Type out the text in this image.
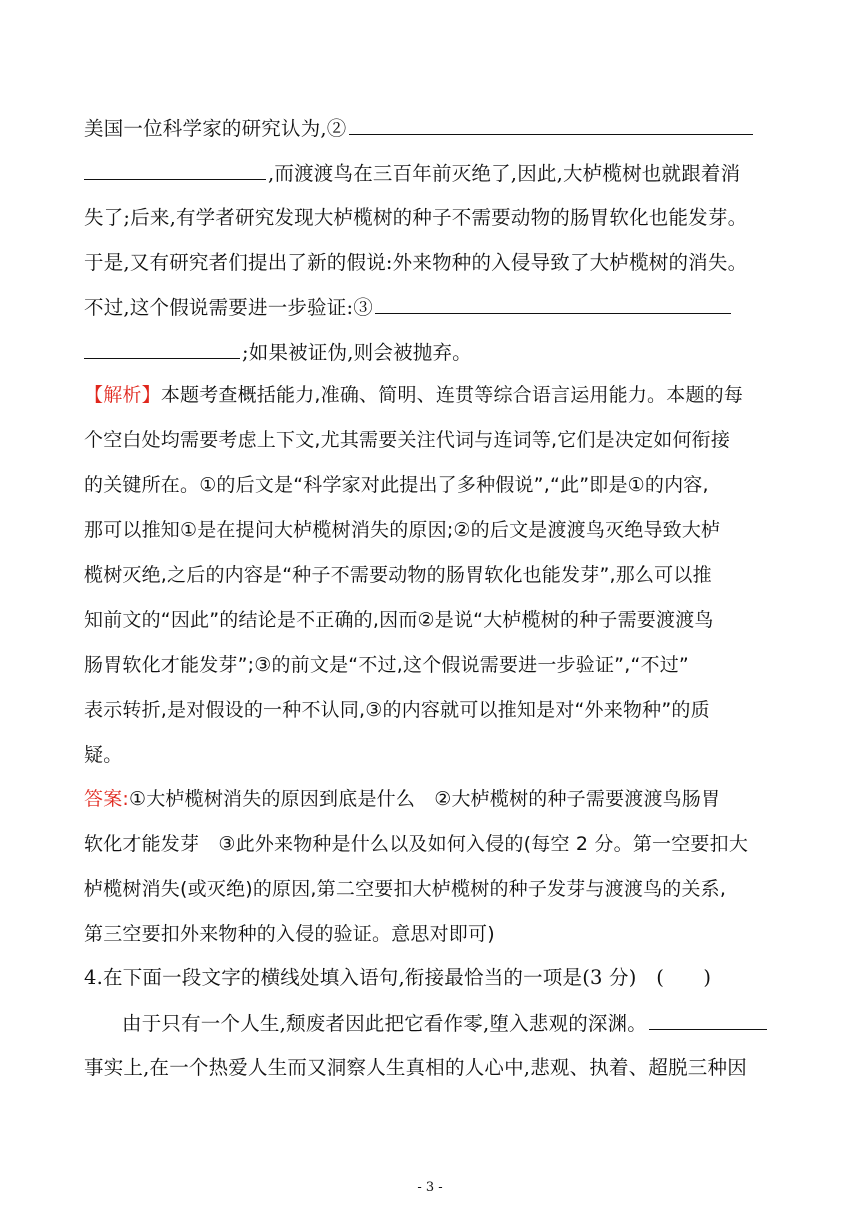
美国一位科学家的研究认为,②
,而渡渡鸟在三百年前灭绝了,因此,大栌榄树也就跟着消
失了;后来,有学者研究发现大栌榄树的种子不需要动物的肠胃软化也能发芽。
于是,又有研究者们提出了新的假说:外来物种的入侵导致了大栌榄树的消失。
不过,这个假说需要进一步验证:③
;如果被证伪,则会被抛弃。
【解析】本题考查概括能力,准确、简明、连贯等综合语言运用能力。本题的每
个空白处均需要考虑上下文,尤其需要关注代词与连词等,它们是决定如何衔接
的关键所在。①的后文是“科学家对此提出了多种假说”,“此”即是①的内容,
那可以推知①是在提问大栌榄树消失的原因;②的后文是渡渡鸟灭绝导致大栌
榄树灭绝,之后的内容是“种子不需要动物的肠胃软化也能发芽”,那么可以推
知前文的“因此”的结论是不正确的,因而②是说“大栌榄树的种子需要渡渡鸟
肠胃软化才能发芽”;③的前文是“不过,这个假说需要进一步验证”,“不过”
表示转折,是对假设的一种不认同,③的内容就可以推知是对“外来物种”的质
疑。
答案:①大栌榄树消失的原因到底是什么　②大栌榄树的种子需要渡渡鸟肠胃
软化才能发芽　③此外来物种是什么以及如何入侵的(每空 2 分。第一空要扣大
栌榄树消失(或灭绝)的原因,第二空要扣大栌榄树的种子发芽与渡渡鸟的关系,
第三空要扣外来物种的入侵的验证。意思对即可)
4.在下面一段文字的横线处填入语句,衔接最恰当的一项是(3 分)　(　　)
由于只有一个人生,颓废者因此把它看作零,堕入悲观的深渊。
事实上,在一个热爱人生而又洞察人生真相的人心中,悲观、执着、超脱三种因
- 3 -
